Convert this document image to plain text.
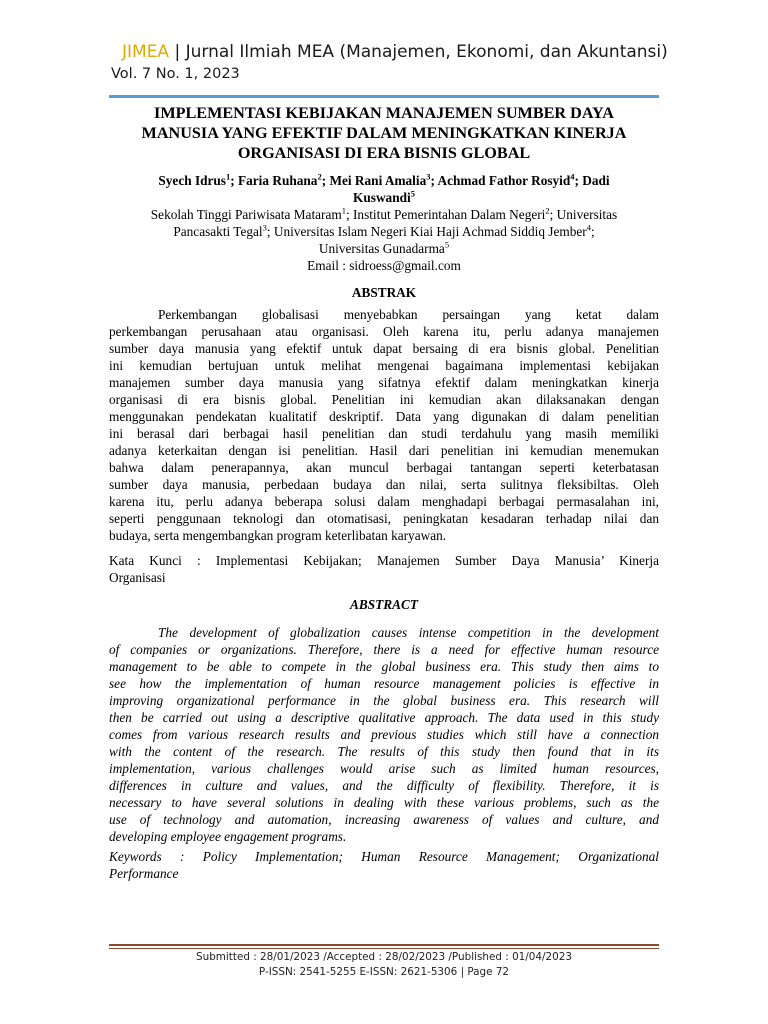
JIMEA | Jurnal Ilmiah MEA (Manajemen, Ekonomi, dan Akuntansi)
Vol. 7 No. 1, 2023
IMPLEMENTASI KEBIJAKAN MANAJEMEN SUMBER DAYA
MANUSIA YANG EFEKTIF DALAM MENINGKATKAN KINERJA
ORGANISASI DI ERA BISNIS GLOBAL
Syech Idrus$^1$; Faria Ruhana$^2$; Mei Rani Amalia$^3$; Achmad Fathor Rosyid$^4$; Dadi
Kuswandi$^5$
Sekolah Tinggi Pariwisata Mataram$^1$; Institut Pemerintahan Dalam Negeri$^2$; Universitas
Pancasakti Tegal$^3$; Universitas Islam Negeri Kiai Haji Achmad Siddiq Jember$^4$;
Universitas Gunadarma$^5$
Email : sidroess@gmail.com
ABSTRAK
Perkembangan globalisasi menyebabkan persaingan yang ketat dalam
perkembangan perusahaan atau organisasi. Oleh karena itu, perlu adanya manajemen
sumber daya manusia yang efektif untuk dapat bersaing di era bisnis global. Penelitian
ini kemudian bertujuan untuk melihat mengenai bagaimana implementasi kebijakan
manajemen sumber daya manusia yang sifatnya efektif dalam meningkatkan kinerja
organisasi di era bisnis global. Penelitian ini kemudian akan dilaksanakan dengan
menggunakan pendekatan kualitatif deskriptif. Data yang digunakan di dalam penelitian
ini berasal dari berbagai hasil penelitian dan studi terdahulu yang masih memiliki
adanya keterkaitan dengan isi penelitian. Hasil dari penelitian ini kemudian menemukan
bahwa dalam penerapannya, akan muncul berbagai tantangan seperti keterbatasan
sumber daya manusia, perbedaan budaya dan nilai, serta sulitnya fleksibiltas. Oleh
karena itu, perlu adanya beberapa solusi dalam menghadapi berbagai permasalahan ini,
seperti penggunaan teknologi dan otomatisasi, peningkatan kesadaran terhadap nilai dan
budaya, serta mengembangkan program keterlibatan karyawan.
Kata Kunci : Implementasi Kebijakan; Manajemen Sumber Daya Manusia’ Kinerja
Organisasi
ABSTRACT
The development of globalization causes intense competition in the development
of companies or organizations. Therefore, there is a need for effective human resource
management to be able to compete in the global business era. This study then aims to
see how the implementation of human resource management policies is effective in
improving organizational performance in the global business era. This research will
then be carried out using a descriptive qualitative approach. The data used in this study
comes from various research results and previous studies which still have a connection
with the content of the research. The results of this study then found that in its
implementation, various challenges would arise such as limited human resources,
differences in culture and values, and the difficulty of flexibility. Therefore, it is
necessary to have several solutions in dealing with these various problems, such as the
use of technology and automation, increasing awareness of values and culture, and
developing employee engagement programs.
Keywords : Policy Implementation; Human Resource Management; Organizational
Performance
Submitted : 28/01/2023 /Accepted : 28/02/2023 /Published : 01/04/2023
P-ISSN: 2541-5255 E-ISSN: 2621-5306 | Page 72
